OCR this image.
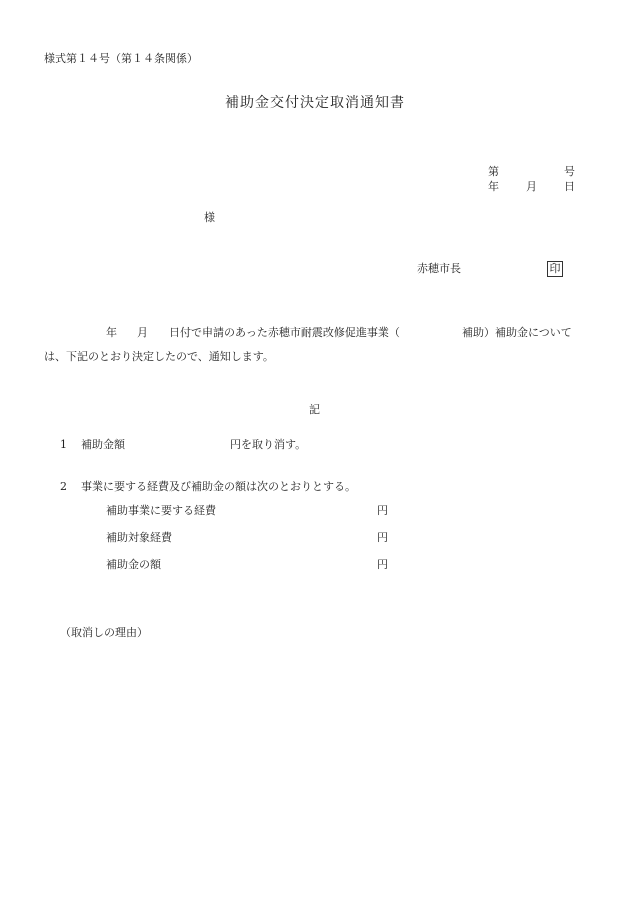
様式第１４号（第１４条関係）
補助金交付決定取消通知書
第	号
年 月 日
様
赤穂市長	印
年 月 日付で申請のあった赤穂市耐震改修促進事業（	補助）補助金について
は、下記のとおり決定したので、通知します。
記
1 補助金額	円を取り消す。
2 事業に要する経費及び補助金の額は次のとおりとする。
補助事業に要する経費	円
補助対象経費	円
補助金の額	円
（取消しの理由）
